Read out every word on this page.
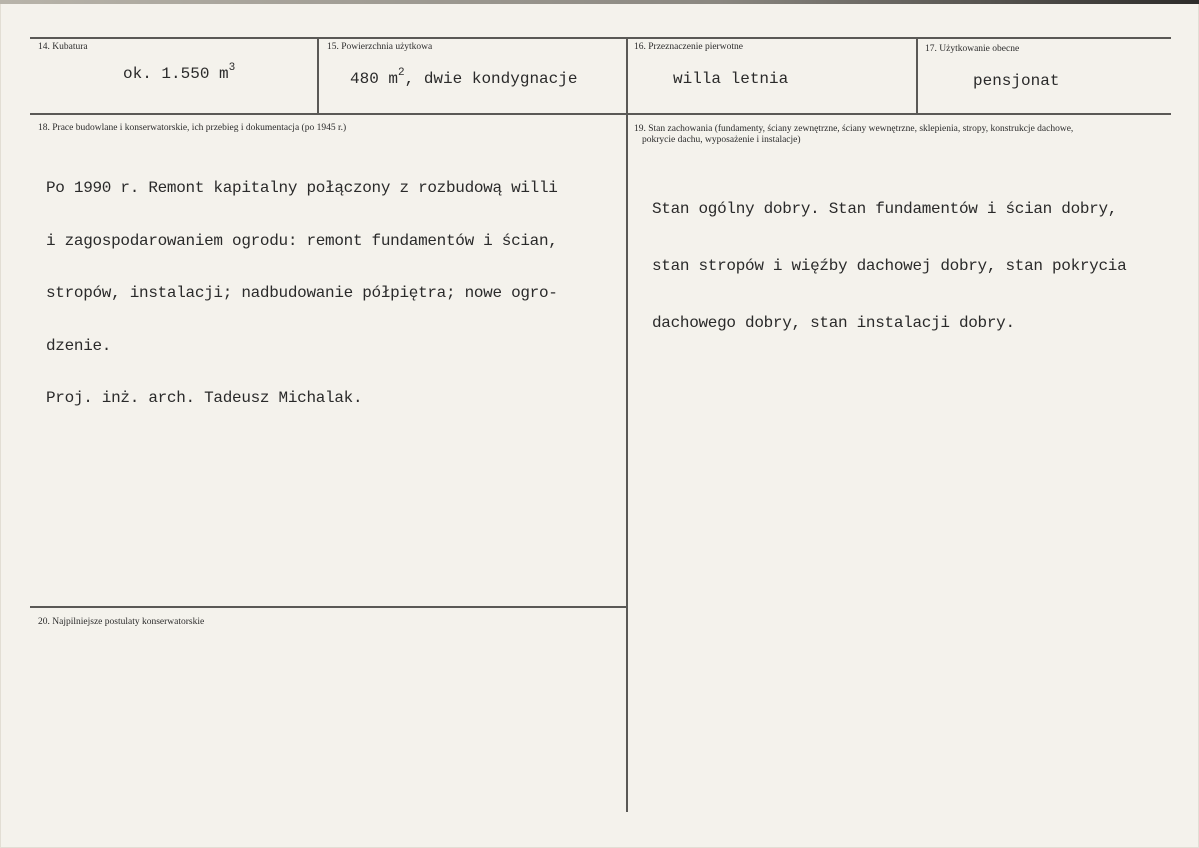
14. Kubatura
ok. 1.550 $m^3$
15. Powierzchnia użytkowa
480 $m^2$, dwie kondygnacje
16. Przeznaczenie pierwotne
willa letnia
17. Użytkowanie obecne
pensjonat
18. Prace budowlane i konserwatorskie, ich przebieg i dokumentacja (po 1945 r.)

Po 1990 r. Remont kapitalny połączony z rozbudową willi

i zagospodarowaniem ogrodu: remont fundamentów i ścian,

stropów, instalacji; nadbudowanie półpiętra; nowe ogro-

dzenie.

Proj. inż. arch. Tadeusz Michalak.

19. Stan zachowania (fundamenty, ściany zewnętrzne, ściany wewnętrzne, sklepienia, stropy, konstrukcje dachowe,
pokrycie dachu, wyposażenie i instalacje)

Stan ogólny dobry. Stan fundamentów i ścian dobry,

stan stropów i więźby dachowej dobry, stan pokrycia

dachowego dobry, stan instalacji dobry.

20. Najpilniejsze postulaty konserwatorskie
